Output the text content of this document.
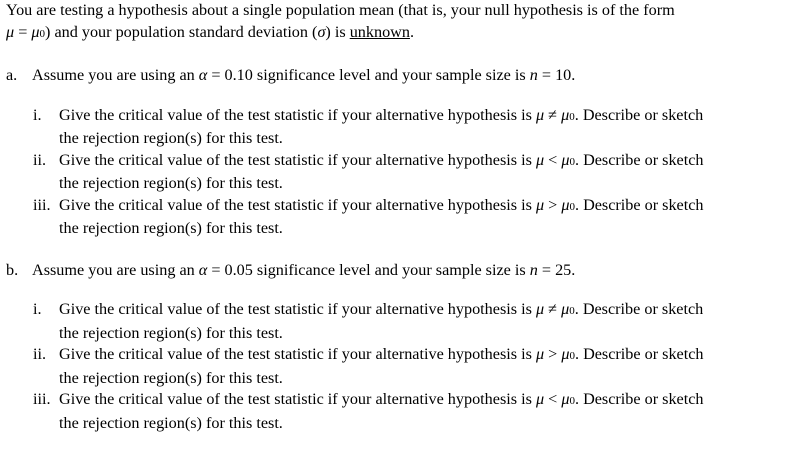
You are testing a hypothesis about a single population mean (that is, your null hypothesis is of the form
μ = μ0) and your population standard deviation (σ) is unknown.
a. Assume you are using an α = 0.10 significance level and your sample size is n = 10.
i. Give the critical value of the test statistic if your alternative hypothesis is μ ≠ μ0. Describe or sketch
the rejection region(s) for this test.
ii. Give the critical value of the test statistic if your alternative hypothesis is μ < μ0. Describe or sketch
the rejection region(s) for this test.
iii. Give the critical value of the test statistic if your alternative hypothesis is μ > μ0. Describe or sketch
the rejection region(s) for this test.
b. Assume you are using an α = 0.05 significance level and your sample size is n = 25.
i. Give the critical value of the test statistic if your alternative hypothesis is μ ≠ μ0. Describe or sketch
the rejection region(s) for this test.
ii. Give the critical value of the test statistic if your alternative hypothesis is μ > μ0. Describe or sketch
the rejection region(s) for this test.
iii. Give the critical value of the test statistic if your alternative hypothesis is μ < μ0. Describe or sketch
the rejection region(s) for this test.
